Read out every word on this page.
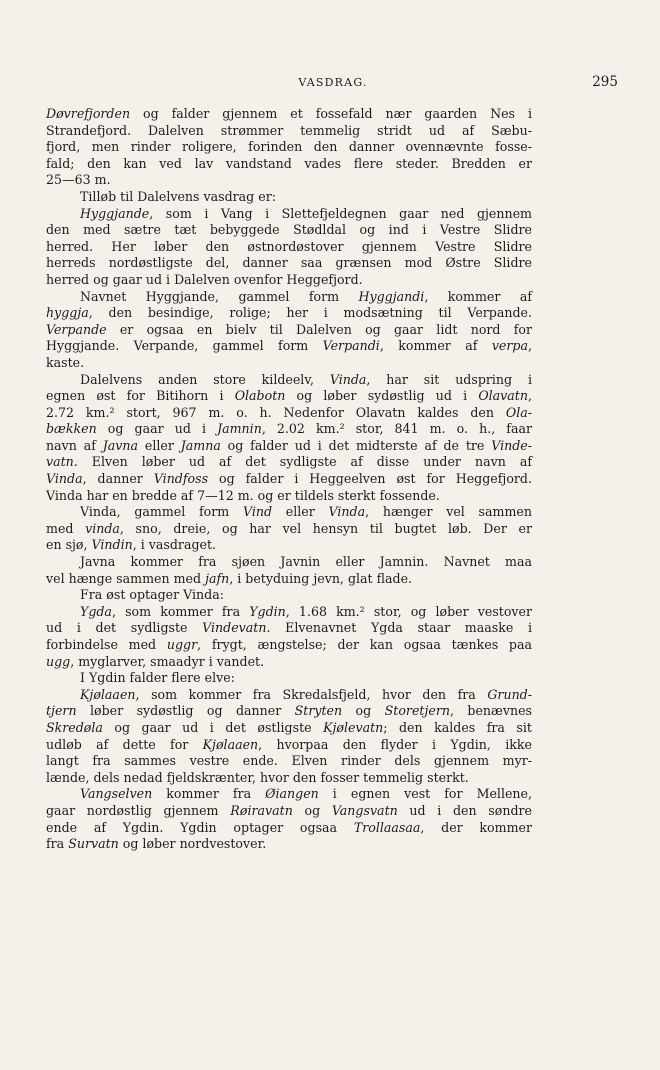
VASDRAG.	295
Døvrefjorden og falder gjennem et fossefald nær gaarden Nes i
Strandefjord. Dalelven strømmer temmelig stridt ud af Sæbu-
fjord, men rinder roligere, forinden den danner ovennævnte fosse-
fald; den kan ved lav vandstand vades flere steder. Bredden er
25—63 m.
Tilløb til Dalelvens vasdrag er:
Hyggjande, som i Vang i Slettefjeldegnen gaar ned gjennem
den med sætre tæt bebyggede Stødldal og ind i Vestre Slidre
herred. Her løber den østnordøstover gjennem Vestre Slidre
herreds nordøstligste del, danner saa grænsen mod Østre Slidre
herred og gaar ud i Dalelven ovenfor Heggefjord.
Navnet Hyggjande, gammel form Hyggjandi, kommer af
hyggja, den besindige, rolige; her i modsætning til Verpande.
Verpande er ogsaa en bielv til Dalelven og gaar lidt nord for
Hyggjande. Verpande, gammel form Verpandi, kommer af verpa,
kaste.
Dalelvens anden store kildeelv, Vinda, har sit udspring i
egnen øst for Bitihorn i Olabotn og løber sydøstlig ud i Olavatn,
2.72 km.² stort, 967 m. o. h. Nedenfor Olavatn kaldes den Ola-
bækken og gaar ud i Jamnin, 2.02 km.² stor, 841 m. o. h., faar
navn af Javna eller Jamna og falder ud i det midterste af de tre Vinde-
vatn. Elven løber ud af det sydligste af disse under navn af
Vinda, danner Vindfoss og falder i Heggeelven øst for Heggefjord.
Vinda har en bredde af 7—12 m. og er tildels sterkt fossende.
Vinda, gammel form Vind eller Vinda, hænger vel sammen
med vinda, sno, dreie, og har vel hensyn til bugtet løb. Der er
en sjø, Vindin, i vasdraget.
Javna kommer fra sjøen Javnin eller Jamnin. Navnet maa
vel hænge sammen med jafn, i betyduing jevn, glat flade.
Fra øst optager Vinda:
Ygda, som kommer fra Ygdin, 1.68 km.² stor, og løber vestover
ud i det sydligste Vindevatn. Elvenavnet Ygda staar maaske i
forbindelse med uggr, frygt, ængstelse; der kan ogsaa tænkes paa
ugg, myglarver, smaadyr i vandet.
I Ygdin falder flere elve:
Kjølaaen, som kommer fra Skredalsfjeld, hvor den fra Grund-
tjern løber sydøstlig og danner Stryten og Storetjern, benævnes
Skredøla og gaar ud i det østligste Kjølevatn; den kaldes fra sit
udløb af dette for Kjølaaen, hvorpaa den flyder i Ygdin, ikke
langt fra sammes vestre ende. Elven rinder dels gjennem myr-
lænde, dels nedad fjeldskrænter, hvor den fosser temmelig sterkt.
Vangselven kommer fra Øiangen i egnen vest for Mellene,
gaar nordøstlig gjennem Røiravatn og Vangsvatn ud i den søndre
ende af Ygdin. Ygdin optager ogsaa Trollaasaa, der kommer
fra Survatn og løber nordvestover.
